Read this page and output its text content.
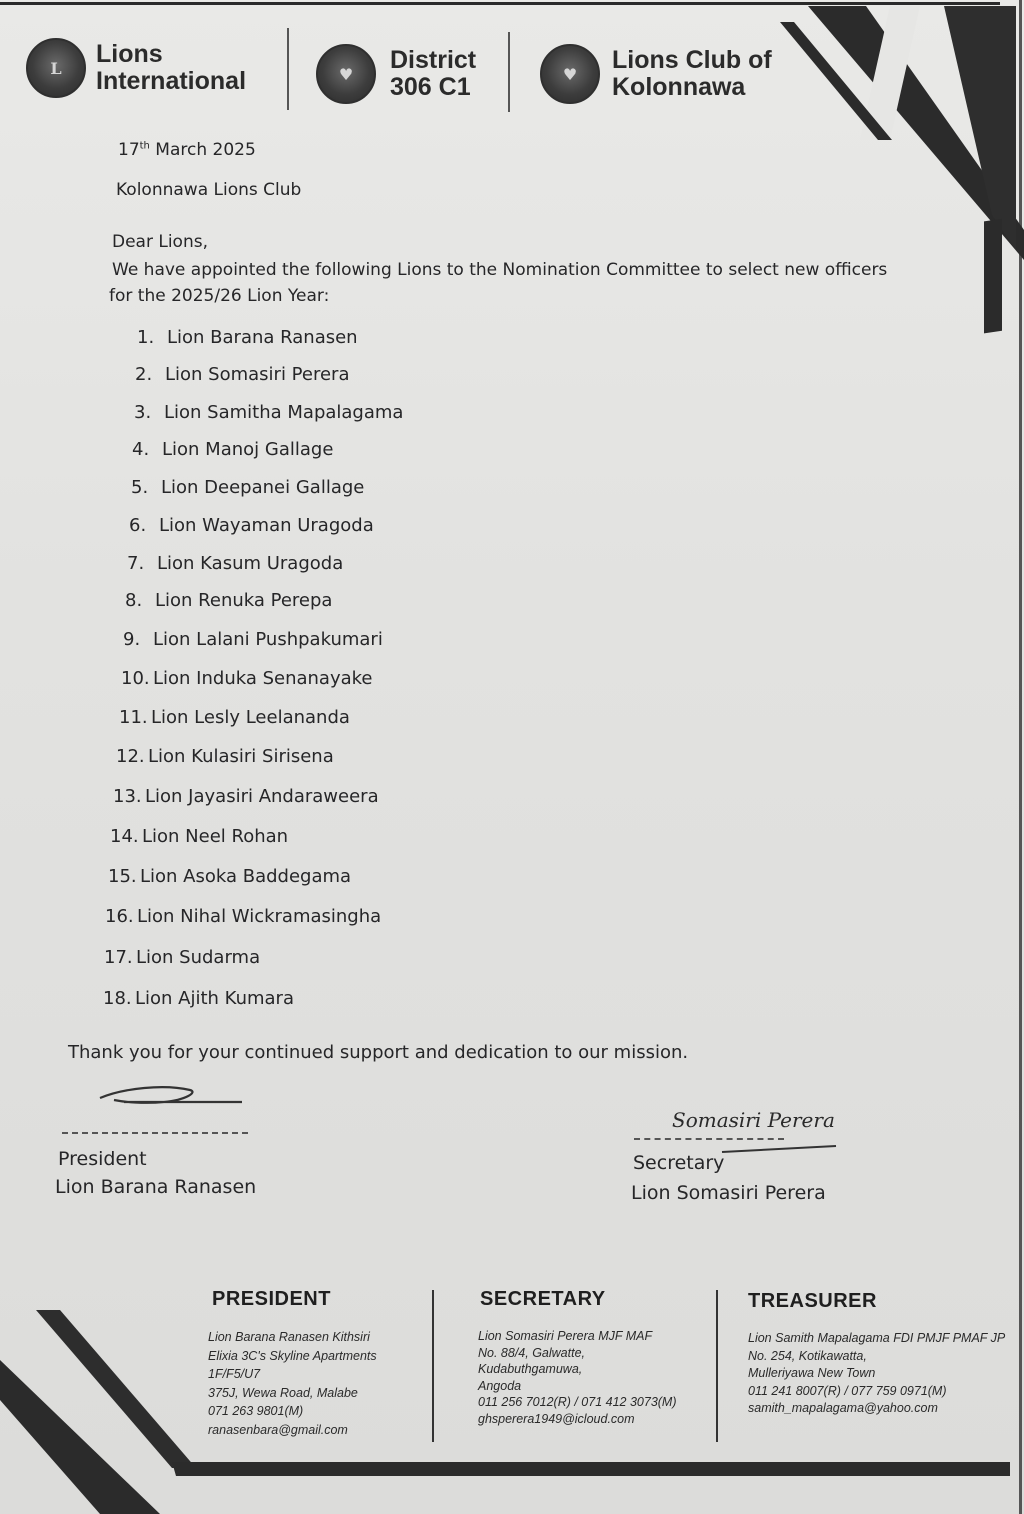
L Lions
International	♥ District
306 C1	♥ Lions Club of
Kolonnawa
17th March 2025
Kolonnawa Lions Club
Dear Lions,
We have appointed the following Lions to the Nomination Committee to select new officers
for the 2025/26 Lion Year:
1. Lion Barana Ranasen
2. Lion Somasiri Perera
3. Lion Samitha Mapalagama
4. Lion Manoj Gallage
5. Lion Deepanei Gallage
6. Lion Wayaman Uragoda
7. Lion Kasum Uragoda
8. Lion Renuka Perepa
9. Lion Lalani Pushpakumari
10. Lion Induka Senanayake
11. Lion Lesly Leelananda
12. Lion Kulasiri Sirisena
13. Lion Jayasiri Andaraweera
14. Lion Neel Rohan
15. Lion Asoka Baddegama
16. Lion Nihal Wickramasingha
17. Lion Sudarma
18. Lion Ajith Kumara
Thank you for your continued support and dedication to our mission.
President
Lion Barana Ranasen
Somasiri Perera
Secretary
Lion Somasiri Perera
PRESIDENT
Lion Barana Ranasen Kithsiri
Elixia 3C's Skyline Apartments
1F/F5/U7
375J, Wewa Road, Malabe
071 263 9801(M)
ranasenbara@gmail.com
SECRETARY
Lion Somasiri Perera MJF MAF
No. 88/4, Galwatte,
Kudabuthgamuwa,
Angoda
011 256 7012(R) / 071 412 3073(M)
ghsperera1949@icloud.com
TREASURER
Lion Samith Mapalagama FDI PMJF PMAF JP
No. 254, Kotikawatta,
Mulleriyawa New Town
011 241 8007(R) / 077 759 0971(M)
samith_mapalagama@yahoo.com
